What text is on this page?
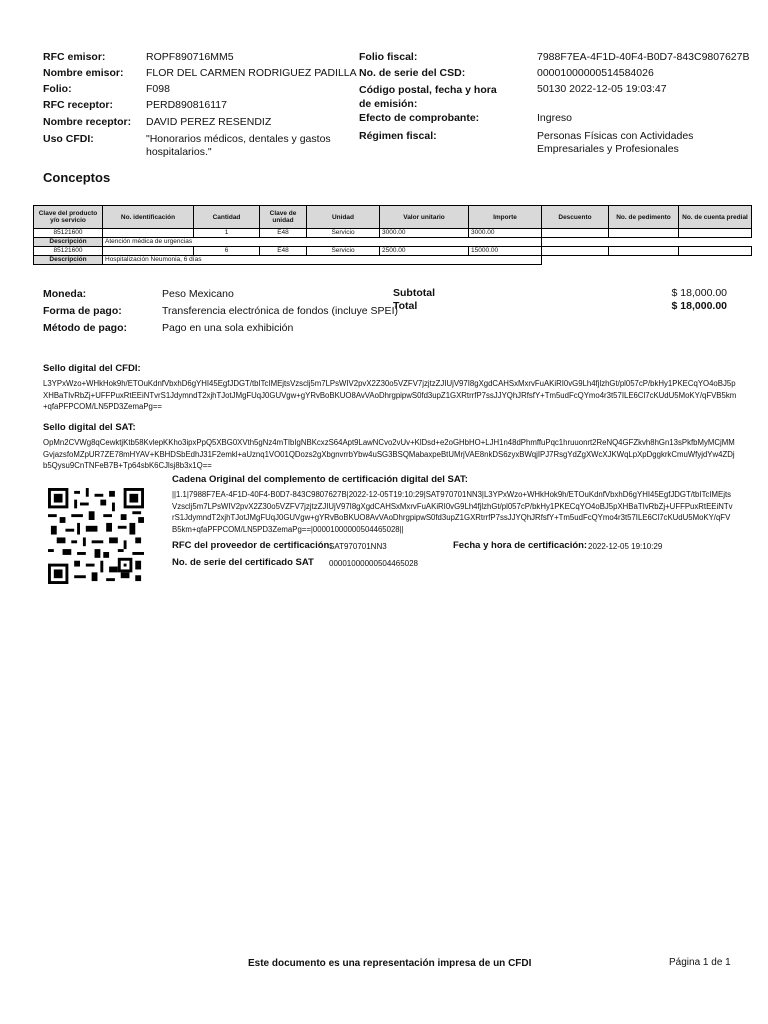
RFC emisor:	ROPF890716MM5
Nombre emisor: FLOR DEL CARMEN RODRIGUEZ PADILLA
Folio:	F098
RFC receptor:	PERD890816117
Nombre receptor: DAVID PEREZ RESENDIZ
Uso CFDI:	"Honorarios médicos, dentales y gastos hospitalarios."
Folio fiscal:	7988F7EA-4F1D-40F4-B0D7-843C9807627B
No. de serie del CSD:	00001000000514584026
Código postal, fecha y hora de emisión:
50130 2022-12-05 19:03:47
Efecto de comprobante:	Ingreso
Régimen fiscal:	Personas Físicas con Actividades Empresariales y Profesionales
Conceptos
Clave del producto y/o servicio	No. identificación	Cantidad	Clave de unidad	Unidad	Valor unitario	Importe	Descuento	No. de pedimento	No. de cuenta predial
85121600		1	E48	Servicio	3000.00	3000.00			
Descripción	Atención médica de urgencias								
85121600		6	E48	Servicio	2500.00	15000.00			
Descripción	Hospitalización Neumonia, 6 días								
Moneda:	Peso Mexicano
Forma de pago:	Transferencia electrónica de fondos (incluye SPEI)
Método de pago:	Pago en una sola exhibición
Subtotal	$ 18,000.00
Total	$ 18,000.00
Sello digital del CFDI:
L3YPxWzo+WHkHok9h/ETOuKdnfVbxhD6gYHI45EgfJDGT/tbITcIMEjtsVzsclj5m7LPsWIV2pvX2Z30o5VZFV7jzjtzZJIUjV97I8gXgdCAHSxMxrvFuAKiRI0vG9Lh4fjlzhGt/pl057cP/bkHy1PKECqYO4oBJ5pXHBaTIvRbZj+UFFPuxRtEEiNTvrS1JdymndT2xjhTJotJMgFUqJ0GUVgw+gYRvBoBKUO8AvVAoDhrgpipwS0fd3upZ1GXRtrrfP7ssJJYQhJRfsfY+Tm5udFcQYmo4r3t57ILE6Cl7cKUdU5MoKY/qFVB5km+qfaPFPCOM/LN5PD3ZemaPg==
Sello digital del SAT:
OpMn2CVWg8qCewktjKtb58KvlepKKho3ipxPpQ5XBG0XVth5gNz4mTIbIgNBKcxzS64Apt9LawNCvo2vUv+KlDsd+e2oGHbHO+LJH1n48dPhmffuPqc1hruuonrt2ReNQ4GFZkvh8hGn13sPkfbMyMCjMMGvjazsfoMZpUR7ZE78mHYAV+KBHDSbEdhJ31F2emkl+aUznq1VO01QDozs2gXbgnvrrbYbw4uSG3BSQMabaxpeBtUMrjVAE8nkDS6zyxBWqjIPJ7RsgYdZgXWcXJKWqLpXpDggkrkCmuWfyjdYw4ZDjb5Qysu9CnTNFeB7B+Tp64sbK6CJlsj8b3x1Q==
Cadena Original del complemento de certificación digital del SAT:
||1.1|7988F7EA-4F1D-40F4-B0D7-843C9807627B|2022-12-05T19:10:29|SAT970701NN3|L3YPxWzo+WHkHok9h/ETOuKdnfVbxhD6gYHI45EgfJDGT/tbITcIMEjtsVzsclj5m7LPsWIV2pvX2Z30o5VZFV7jzjtzZJIUjV97I8gXgdCAHSxMxrvFuAKiRI0vG9Lh4fjlzhGt/pl057cP/bkHy1PKECqYO4oBJ5pXHBaTIvRbZj+UFFPuxRtEEiNTvrS1JdymndT2xjhTJotJMgFUqJ0GUVgw+gYRvBoBKUO8AvVAoDhrgpipwS0fd3upZ1GXRtrrfP7ssJJYQhJRfsfY+Tm5udFcQYmo4r3t57ILE6Cl7cKUdU5MoKY/qFVB5km+qfaPFPCOM/LN5PD3ZemaPg==|00001000000504465028||
RFC del proveedor de certificación:
SAT970701NN3	Fecha y hora de certificación: 2022-12-05 19:10:29
No. de serie del certificado SAT 00001000000504465028
Este documento es una representación impresa de un CFDI	Página 1 de 1
